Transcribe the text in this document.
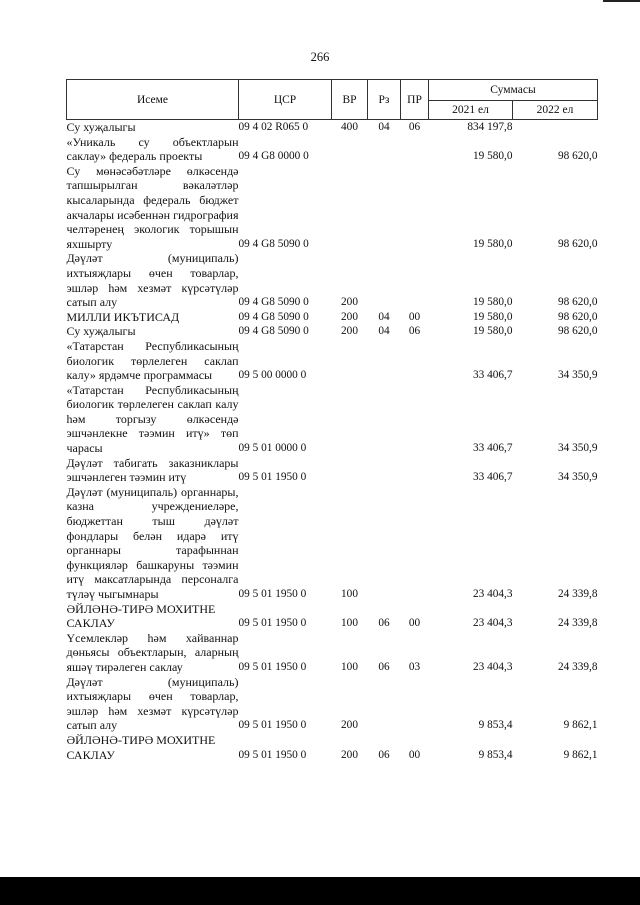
266
Исеме	ЦСР	ВР	Рз	ПР	Суммасы	
					2021 ел	2022 ел
Су хуҗалыгы	09 4 02 R065 0	400	04	06	834 197,8	
«Уникаль су объектларын саклау» федераль проекты	09 4 G8 0000 0				19 580,0	98 620,0
Су мөнәсәбәтләре өлкәсендә тапшырылган вәкаләтләр кысаларында федераль бюджет акчалары исәбеннән гидрография челтәренең экологик торышын яхшырту	09 4 G8 5090 0				19 580,0	98 620,0
Дәүләт (муниципаль) ихтыяҗлары өчен товарлар, эшләр һәм хезмәт күрсәтүләр сатып алу	09 4 G8 5090 0	200			19 580,0	98 620,0
МИЛЛИ ИКЪТИСАД	09 4 G8 5090 0	200	04	00	19 580,0	98 620,0
Су хуҗалыгы	09 4 G8 5090 0	200	04	06	19 580,0	98 620,0
«Татарстан Республикасының биологик төрлелеген саклап калу» ярдәмче программасы	09 5 00 0000 0				33 406,7	34 350,9
«Татарстан Республикасының биологик төрлелеген саклап калу һәм торгызу өлкәсендә эшчәнлекне тәэмин итү» төп чарасы	09 5 01 0000 0				33 406,7	34 350,9
Дәүләт табигать заказниклары эшчәнлеген тәэмин итү	09 5 01 1950 0				33 406,7	34 350,9
Дәүләт (муниципаль) органнары, казна учреждениеләре, бюджеттан тыш дәүләт фондлары белән идарә итү органнары тарафыннан функцияләр башкаруны тәэмин итү максатларында персоналга түләү чыгымнары	09 5 01 1950 0	100			23 404,3	24 339,8
ӘЙЛӘНӘ-ТИРӘ МОХИТНЕ САКЛАУ	09 5 01 1950 0	100	06	00	23 404,3	24 339,8
Үсемлекләр һәм хайваннар дөньясы объектларын, аларның яшәү тирәлеген саклау	09 5 01 1950 0	100	06	03	23 404,3	24 339,8
Дәүләт (муниципаль) ихтыяҗлары өчен товарлар, эшләр һәм хезмәт күрсәтүләр сатып алу	09 5 01 1950 0	200			9 853,4	9 862,1
ӘЙЛӘНӘ-ТИРӘ МОХИТНЕ САКЛАУ	09 5 01 1950 0	200	06	00	9 853,4	9 862,1
